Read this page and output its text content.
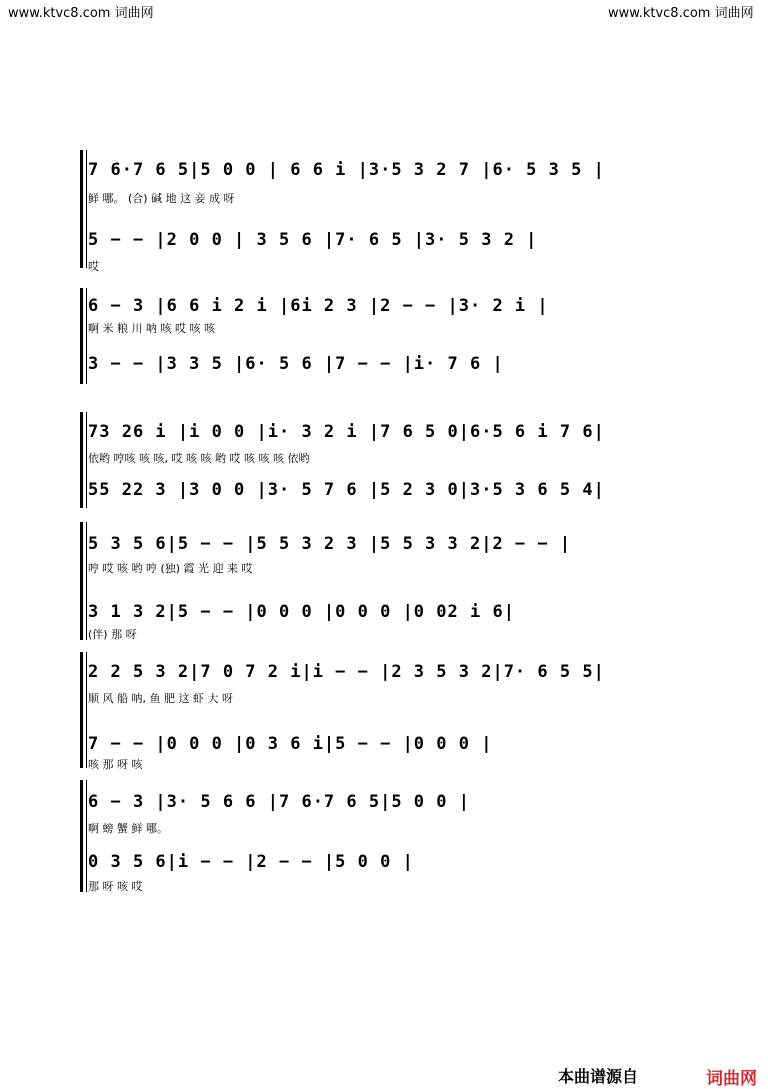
www.ktvc8.com 词曲网	www.ktvc8.com 词曲网
7 6·7 6 5|5 0 0 | 6 6 i |3·5 3 2 7 |6· 5 3 5 |
鲜 哪。 (合) 碱 地 这 妾 成 呀
5 − − |2 0 0 | 3 5 6 |7· 6 5 |3· 5 3 2 |
哎
6 − 3 |6 6 i 2 i |6i 2 3 |2 − − |3· 2 i |
啊 米 粮 川 呐 咳 哎 咳 咳
3 − − |3 3 5 |6· 5 6 |7 − − |i· 7 6 |
73 26 i |i 0 0 |i· 3 2 i |7 6 5 0|6·5 6 i 7 6|
依哟 哼咳 咳 咳, 哎 咳 咳 哟 哎 咳 咳 咳 依哟
55 22 3 |3 0 0 |3· 5 7 6 |5 2 3 0|3·5 3 6 5 4|
5 3 5 6|5 − − |5 5 3 2 3 |5 5 3 3 2|2 − − |
哼 哎 咳 哟 哼 (独) 霞 光 迎 来 哎
3 1 3 2|5 − − |0 0 0 |0 0 0 |0 02 i 6|
(伴) 那 呀
2 2 5 3 2|7 0 7 2 i|i − − |2 3 5 3 2|7· 6 5 5|
顺 风 船 呐, 鱼 肥 这 虾 大 呀
7 − − |0 0 0 |0 3 6 i|5 − − |0 0 0 |
咳 那 呀 咳
6 − 3 |3· 5 6 6 |7 6·7 6 5|5 0 0 |
啊 螃 蟹 鲜 哪。
0 3 5 6|i − − |2 − − |5 0 0 |
那 呀 咳 哎
本曲谱源自	词曲网
